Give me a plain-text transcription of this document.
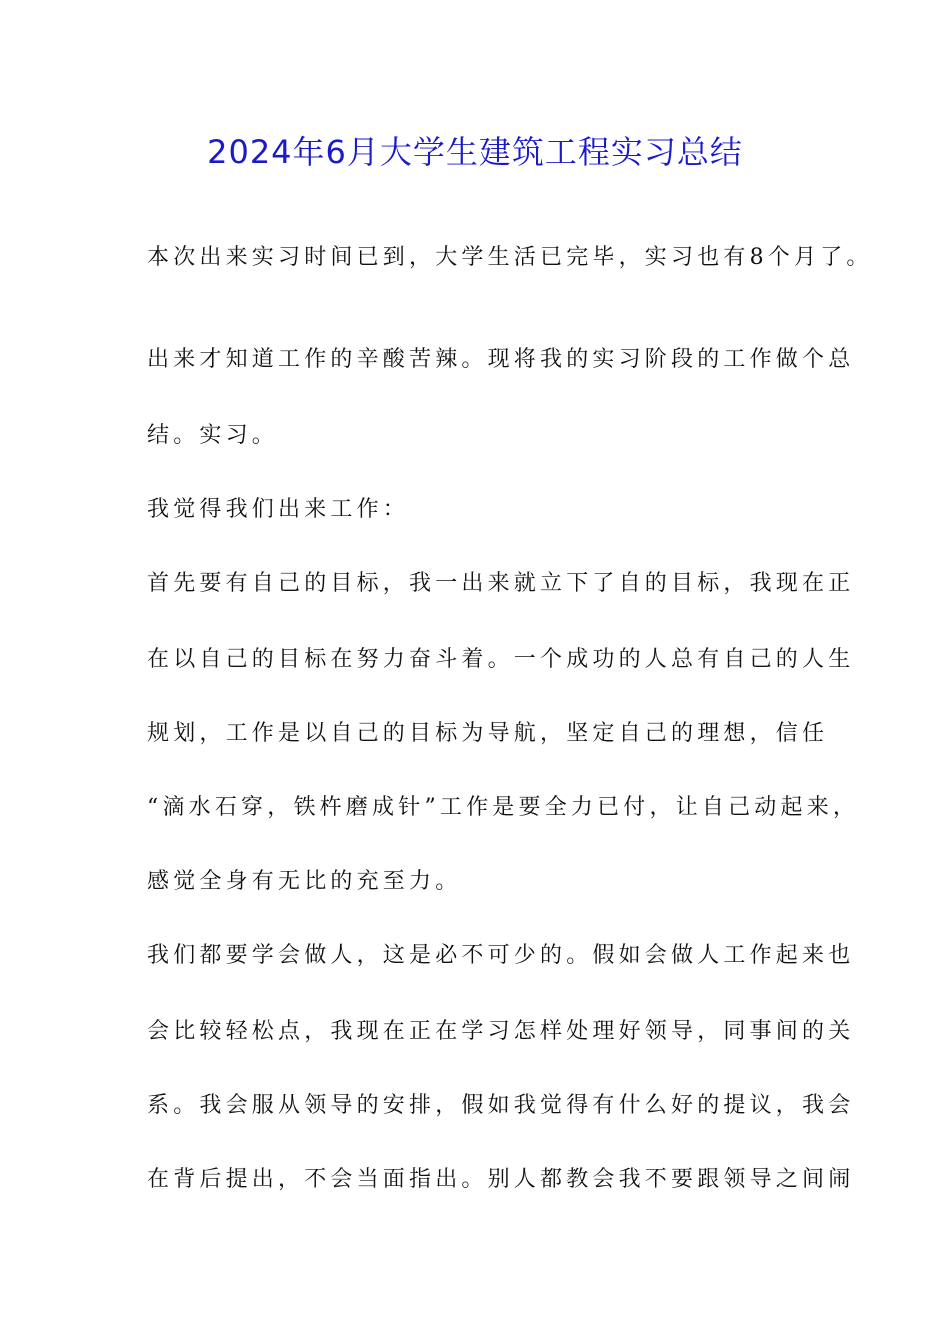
2024年6月大学生建筑工程实习总结
本次出来实习时间已到，大学生活已完毕，实习也有8个月了。
出来才知道工作的辛酸苦辣。现将我的实习阶段的工作做个总
结。实习。
我觉得我们出来工作：
首先要有自己的目标，我一出来就立下了自的目标，我现在正
在以自己的目标在努力奋斗着。一个成功的人总有自己的人生
规划，工作是以自己的目标为导航，坚定自己的理想，信任
“滴水石穿，铁杵磨成针”工作是要全力已付，让自己动起来，
感觉全身有无比的充至力。
我们都要学会做人，这是必不可少的。假如会做人工作起来也
会比较轻松点，我现在正在学习怎样处理好领导，同事间的关
系。我会服从领导的安排，假如我觉得有什么好的提议，我会
在背后提出，不会当面指出。别人都教会我不要跟领导之间闹
